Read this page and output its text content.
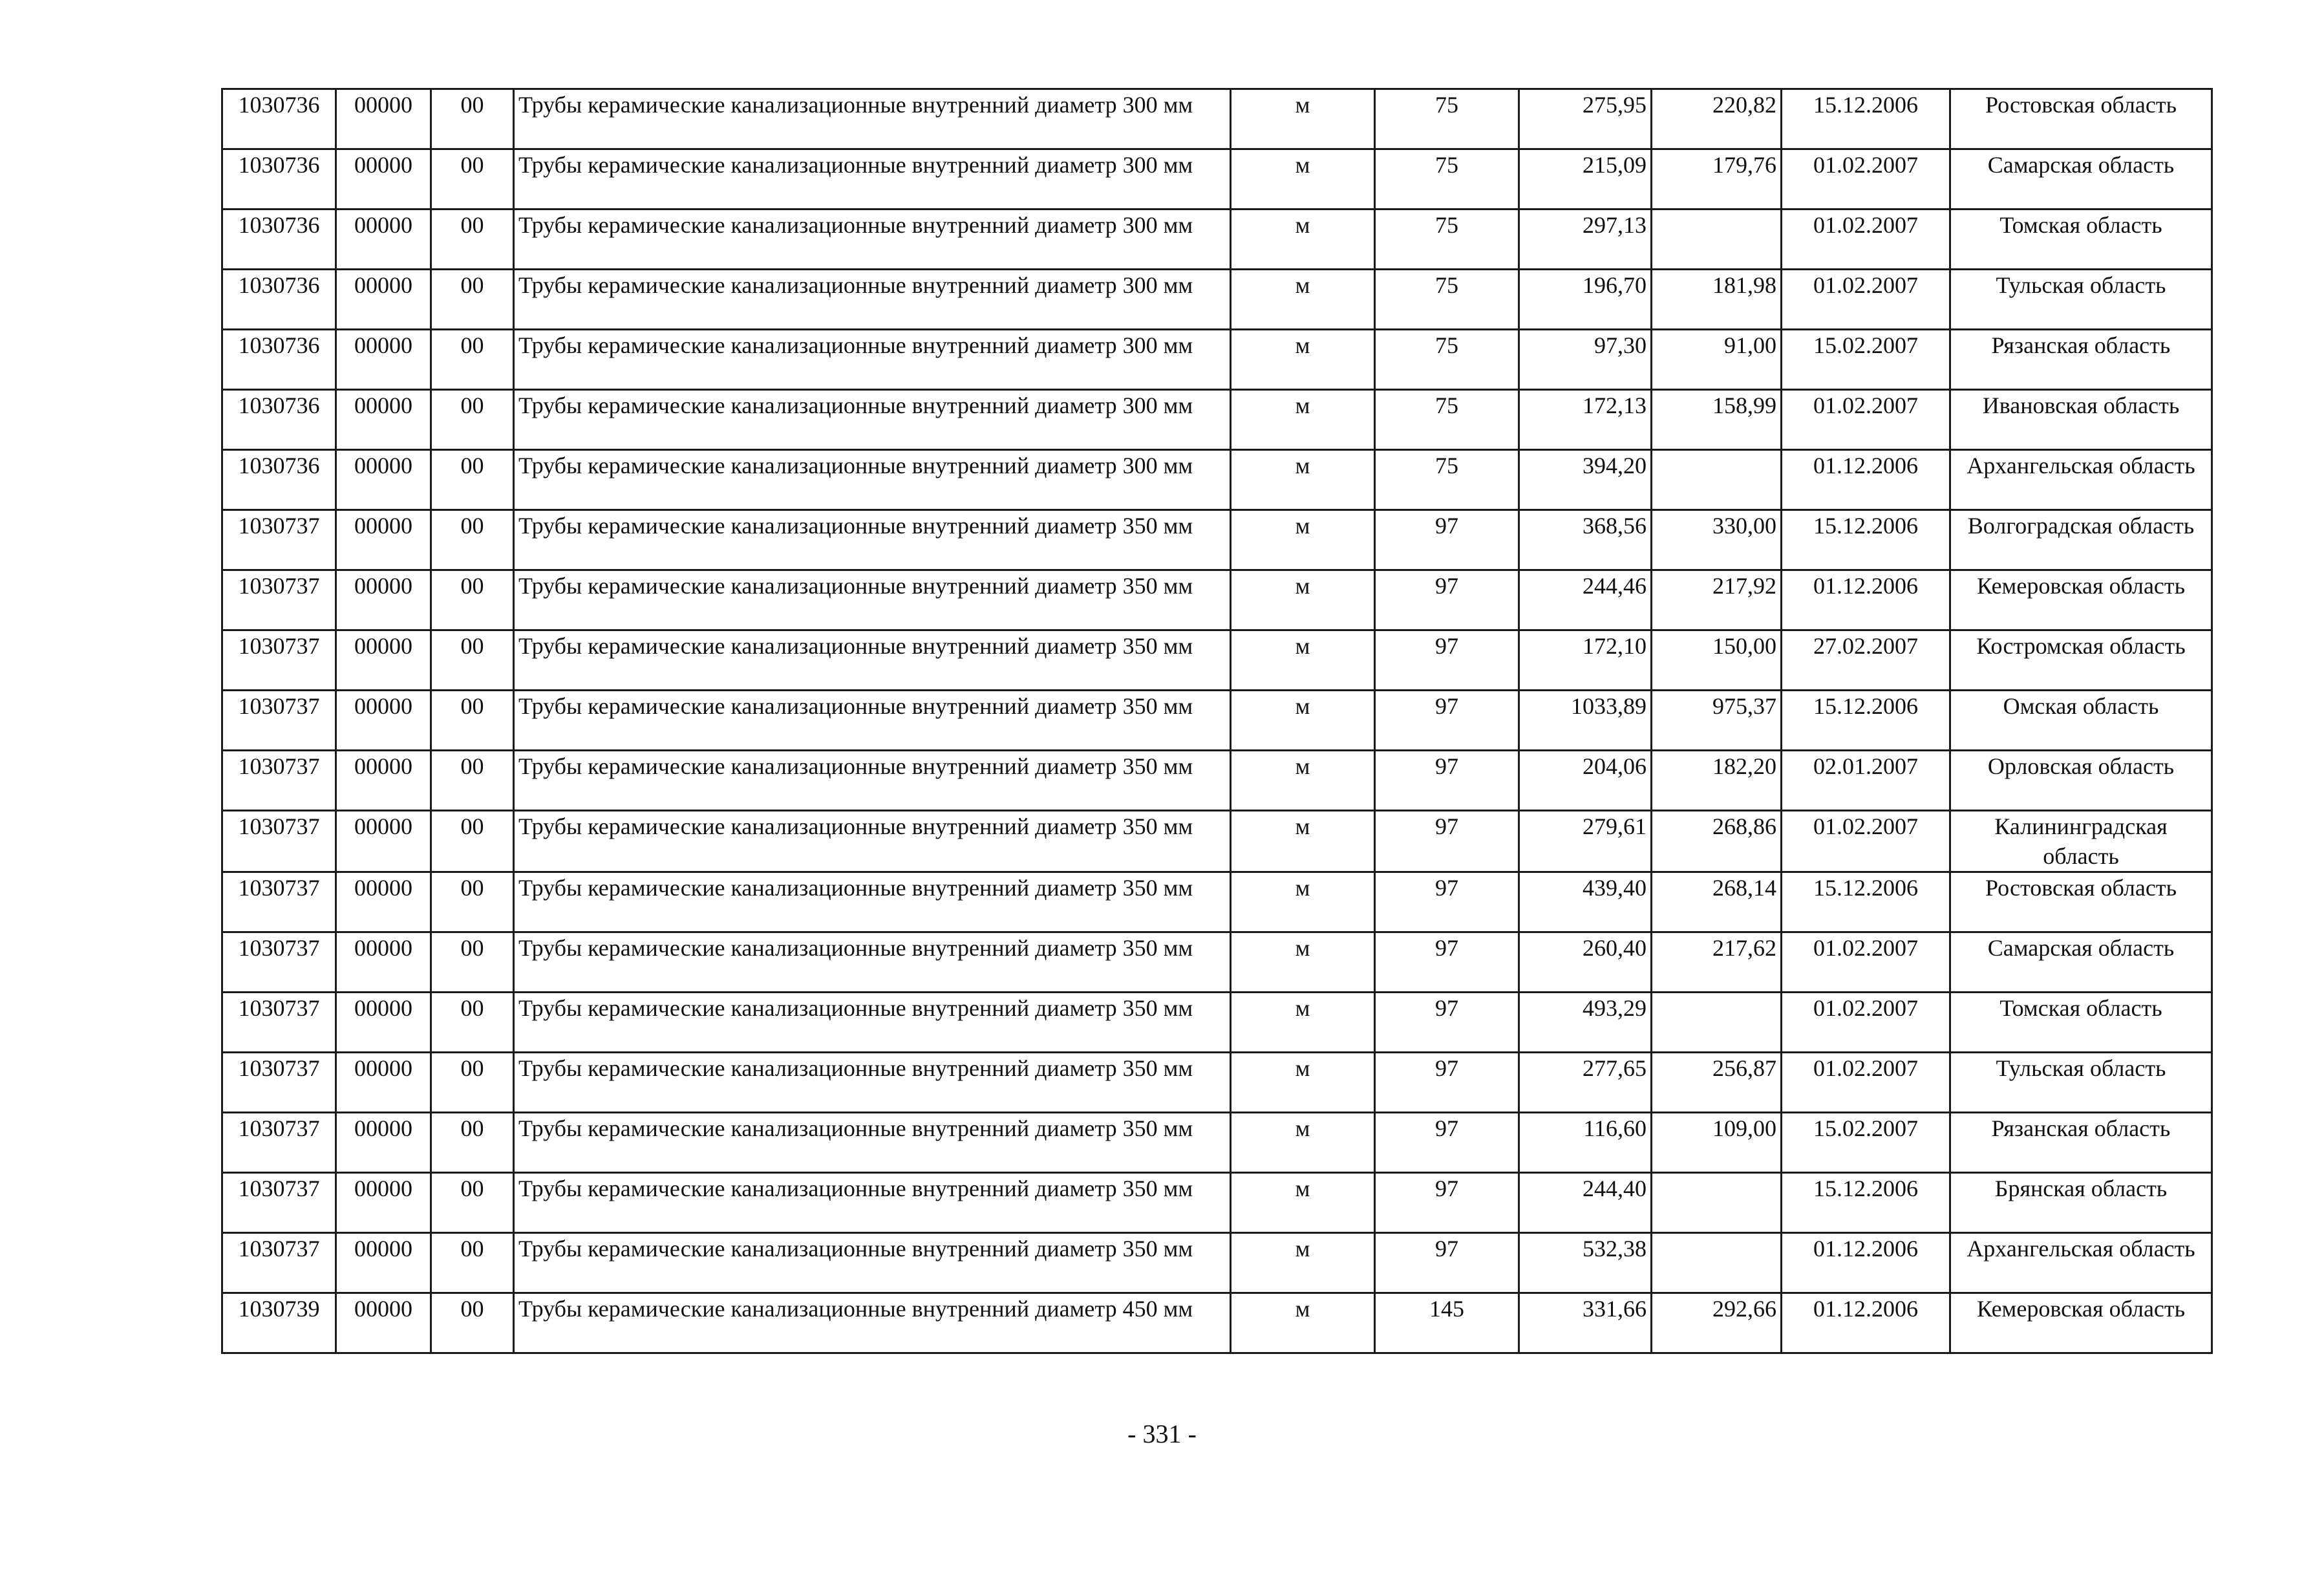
1030736	00000	00	Трубы керамические канализационные внутренний диаметр 300 мм	м	75	275,95	220,82	15.12.2006	Ростовская область
1030736	00000	00	Трубы керамические канализационные внутренний диаметр 300 мм	м	75	215,09	179,76	01.02.2007	Самарская область
1030736	00000	00	Трубы керамические канализационные внутренний диаметр 300 мм	м	75	297,13		01.02.2007	Томская область
1030736	00000	00	Трубы керамические канализационные внутренний диаметр 300 мм	м	75	196,70	181,98	01.02.2007	Тульская область
1030736	00000	00	Трубы керамические канализационные внутренний диаметр 300 мм	м	75	97,30	91,00	15.02.2007	Рязанская область
1030736	00000	00	Трубы керамические канализационные внутренний диаметр 300 мм	м	75	172,13	158,99	01.02.2007	Ивановская область
1030736	00000	00	Трубы керамические канализационные внутренний диаметр 300 мм	м	75	394,20		01.12.2006	Архангельская область
1030737	00000	00	Трубы керамические канализационные внутренний диаметр 350 мм	м	97	368,56	330,00	15.12.2006	Волгоградская область
1030737	00000	00	Трубы керамические канализационные внутренний диаметр 350 мм	м	97	244,46	217,92	01.12.2006	Кемеровская область
1030737	00000	00	Трубы керамические канализационные внутренний диаметр 350 мм	м	97	172,10	150,00	27.02.2007	Костромская область
1030737	00000	00	Трубы керамические канализационные внутренний диаметр 350 мм	м	97	1033,89	975,37	15.12.2006	Омская область
1030737	00000	00	Трубы керамические канализационные внутренний диаметр 350 мм	м	97	204,06	182,20	02.01.2007	Орловская область
1030737	00000	00	Трубы керамические канализационные внутренний диаметр 350 мм	м	97	279,61	268,86	01.02.2007	Калининградская область
1030737	00000	00	Трубы керамические канализационные внутренний диаметр 350 мм	м	97	439,40	268,14	15.12.2006	Ростовская область
1030737	00000	00	Трубы керамические канализационные внутренний диаметр 350 мм	м	97	260,40	217,62	01.02.2007	Самарская область
1030737	00000	00	Трубы керамические канализационные внутренний диаметр 350 мм	м	97	493,29		01.02.2007	Томская область
1030737	00000	00	Трубы керамические канализационные внутренний диаметр 350 мм	м	97	277,65	256,87	01.02.2007	Тульская область
1030737	00000	00	Трубы керамические канализационные внутренний диаметр 350 мм	м	97	116,60	109,00	15.02.2007	Рязанская область
1030737	00000	00	Трубы керамические канализационные внутренний диаметр 350 мм	м	97	244,40		15.12.2006	Брянская область
1030737	00000	00	Трубы керамические канализационные внутренний диаметр 350 мм	м	97	532,38		01.12.2006	Архангельская область
1030739	00000	00	Трубы керамические канализационные внутренний диаметр 450 мм	м	145	331,66	292,66	01.12.2006	Кемеровская область
- 331 -
